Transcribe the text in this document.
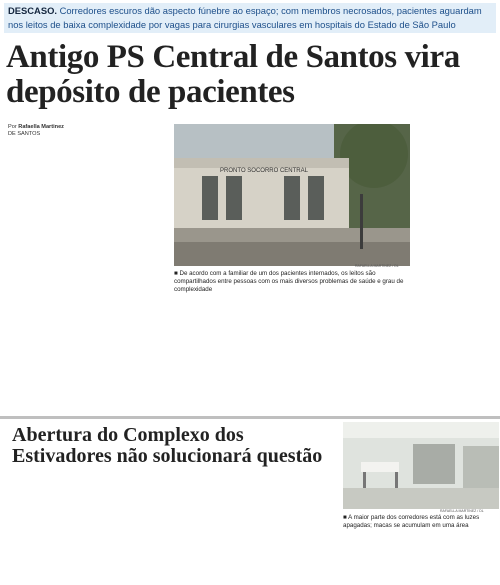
DESCASO. Corredores escuros dão aspecto fúnebre ao espaço; com membros necrosados, pacientes aguardam nos leitos de baixa complexidade por vagas para cirurgias vasculares em hospitais do Estado de São Paulo
Antigo PS Central de Santos vira depósito de pacientes
Por Rafaella Martinez
DE SANTOS
PRONTO SOCORRO CENTRAL
RAFAELLA MARTINEZ / DL
■ De acordo com a familiar de um dos pacientes internados, os leitos são compartilhados entre pessoas com os mais diversos problemas de saúde e grau de complexidade
Abertura do Complexo dos Estivadores não solucionará questão
RAFAELLA MARTINEZ / DL
■ A maior parte dos corredores está com as luzes apagadas; macas se acumulam em uma área
